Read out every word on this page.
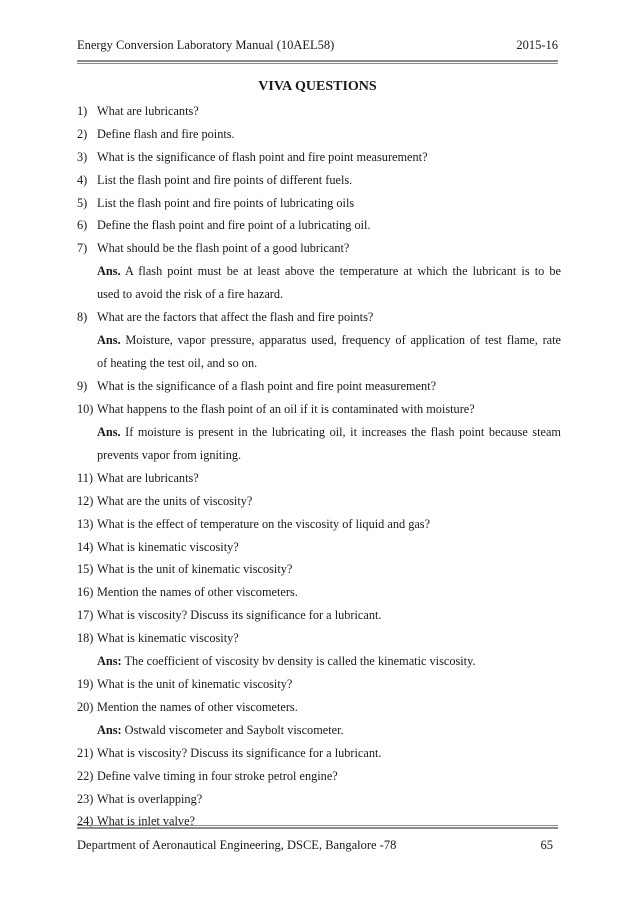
Energy Conversion Laboratory Manual (10AEL58)	2015-16
VIVA QUESTIONS
1) What are lubricants?
2) Define flash and fire points.
3) What is the significance of flash point and fire point measurement?
4) List the flash point and fire points of different fuels.
5) List the flash point and fire points of lubricating oils
6) Define the flash point and fire point of a lubricating oil.
7) What should be the flash point of a good lubricant?
Ans. A flash point must be at least above the temperature at which the lubricant is to be
used to avoid the risk of a fire hazard.
8) What are the factors that affect the flash and fire points?
Ans. Moisture, vapor pressure, apparatus used, frequency of application of test flame, rate
of heating the test oil, and so on.
9) What is the significance of a flash point and fire point measurement?
10) What happens to the flash point of an oil if it is contaminated with moisture?
Ans. If moisture is present in the lubricating oil, it increases the flash point because steam
prevents vapor from igniting.
11) What are lubricants?
12) What are the units of viscosity?
13) What is the effect of temperature on the viscosity of liquid and gas?
14) What is kinematic viscosity?
15) What is the unit of kinematic viscosity?
16) Mention the names of other viscometers.
17) What is viscosity? Discuss its significance for a lubricant.
18) What is kinematic viscosity?
Ans: The coefficient of viscosity bv density is called the kinematic viscosity.
19) What is the unit of kinematic viscosity?
20) Mention the names of other viscometers.
Ans: Ostwald viscometer and Saybolt viscometer.
21) What is viscosity? Discuss its significance for a lubricant.
22) Define valve timing in four stroke petrol engine?
23) What is overlapping?
24) What is inlet valve?
Department of Aeronautical Engineering, DSCE, Bangalore -78	65
